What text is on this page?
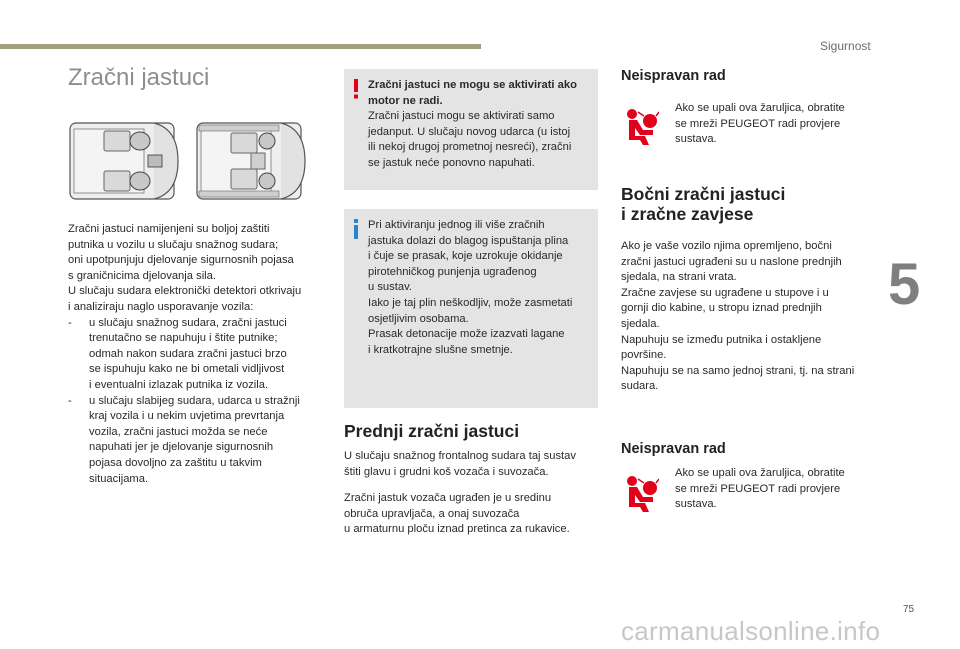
Sigurnost
5
75
carmanualsonline.info
Zračni jastuci

Zračni jastuci namijenjeni su boljoj zaštiti

putnika u vozilu u slučaju snažnog sudara;

oni upotpunjuju djelovanje sigurnosnih pojasa

s graničnicima djelovanja sila.

U slučaju sudara elektronički detektori otkrivaju

i analiziraju naglo usporavanje vozila:

-	u slučaju snažnog sudara, zračni jastuci

trenutačno se napuhuju i štite putnike;

odmah nakon sudara zračni jastuci brzo

se ispuhuju kako ne bi ometali vidljivost

i eventualni izlazak putnika iz vozila.

-	u slučaju slabijeg sudara, udarca u stražnji

kraj vozila i u nekim uvjetima prevrtanja

vozila, zračni jastuci možda se neće

napuhati jer je djelovanje sigurnosnih

pojasa dovoljno za zaštitu u takvim

situacijama.

Zračni jastuci ne mogu se aktivirati ako

motor ne radi.

Zračni jastuci mogu se aktivirati samo

jedanput. U slučaju novog udarca (u istoj

ili nekoj drugoj prometnoj nesreći), zračni

se jastuk neće ponovno napuhati.

Pri aktiviranju jednog ili više zračnih

jastuka dolazi do blagog ispuštanja plina

i čuje se prasak, koje uzrokuje okidanje

pirotehničkog punjenja ugrađenog

u sustav.

Iako je taj plin neškodljiv, može zasmetati

osjetljivim osobama.

Prasak detonacije može izazvati lagane

i kratkotrajne slušne smetnje.

Prednji zračni jastuci

U slučaju snažnog frontalnog sudara taj sustav

štiti glavu i grudni koš vozača i suvozača.

Zračni jastuk vozača ugrađen je u sredinu

obruča upravljača, a onaj suvozača

u armaturnu ploču iznad pretinca za rukavice.

Neispravan rad

Ako se upali ova žaruljica, obratite

se mreži PEUGEOT radi provjere

sustava.

Bočni zračni jastuci
i zračne zavjese

Ako je vaše vozilo njima opremljeno, bočni

zračni jastuci ugrađeni su u naslone prednjih

sjedala, na strani vrata.

Zračne zavjese su ugrađene u stupove i u

gornji dio kabine, u stropu iznad prednjih

sjedala.

Napuhuju se između putnika i ostakljene

površine.

Napuhuju se na samo jednoj strani, tj. na strani

sudara.

Neispravan rad

Ako se upali ova žaruljica, obratite

se mreži PEUGEOT radi provjere

sustava.
